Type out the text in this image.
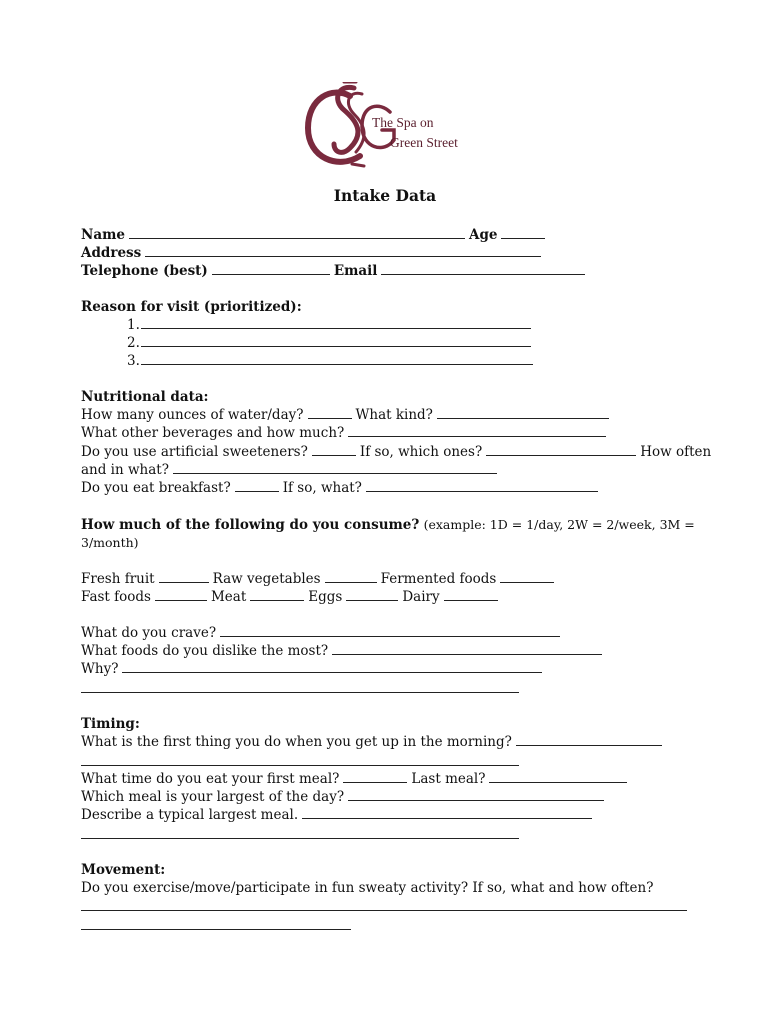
The Spa on
Green Street
Intake Data
Name	Age
Address
Telephone (best)	Email
Reason for visit (prioritized):
1.
2.
3.
Nutritional data:
How many ounces of water/day?	What kind?
What other beverages and how much?
Do you use artificial sweeteners?	If so, which ones?	How often
and in what?
Do you eat breakfast?	If so, what?
How much of the following do you consume?
(example: 1D = 1/day, 2W = 2/week, 3M =
3/month)
Fresh fruit	Raw vegetables	Fermented foods
Fast foods	Meat	Eggs	Dairy
What do you crave?
What foods do you dislike the most?
Why?
Timing:
What is the first thing you do when you get up in the morning?
What time do you eat your first meal?	Last meal?
Which meal is your largest of the day?
Describe a typical largest meal.
Movement:
Do you exercise/move/participate in fun sweaty activity? If so, what and how often?
